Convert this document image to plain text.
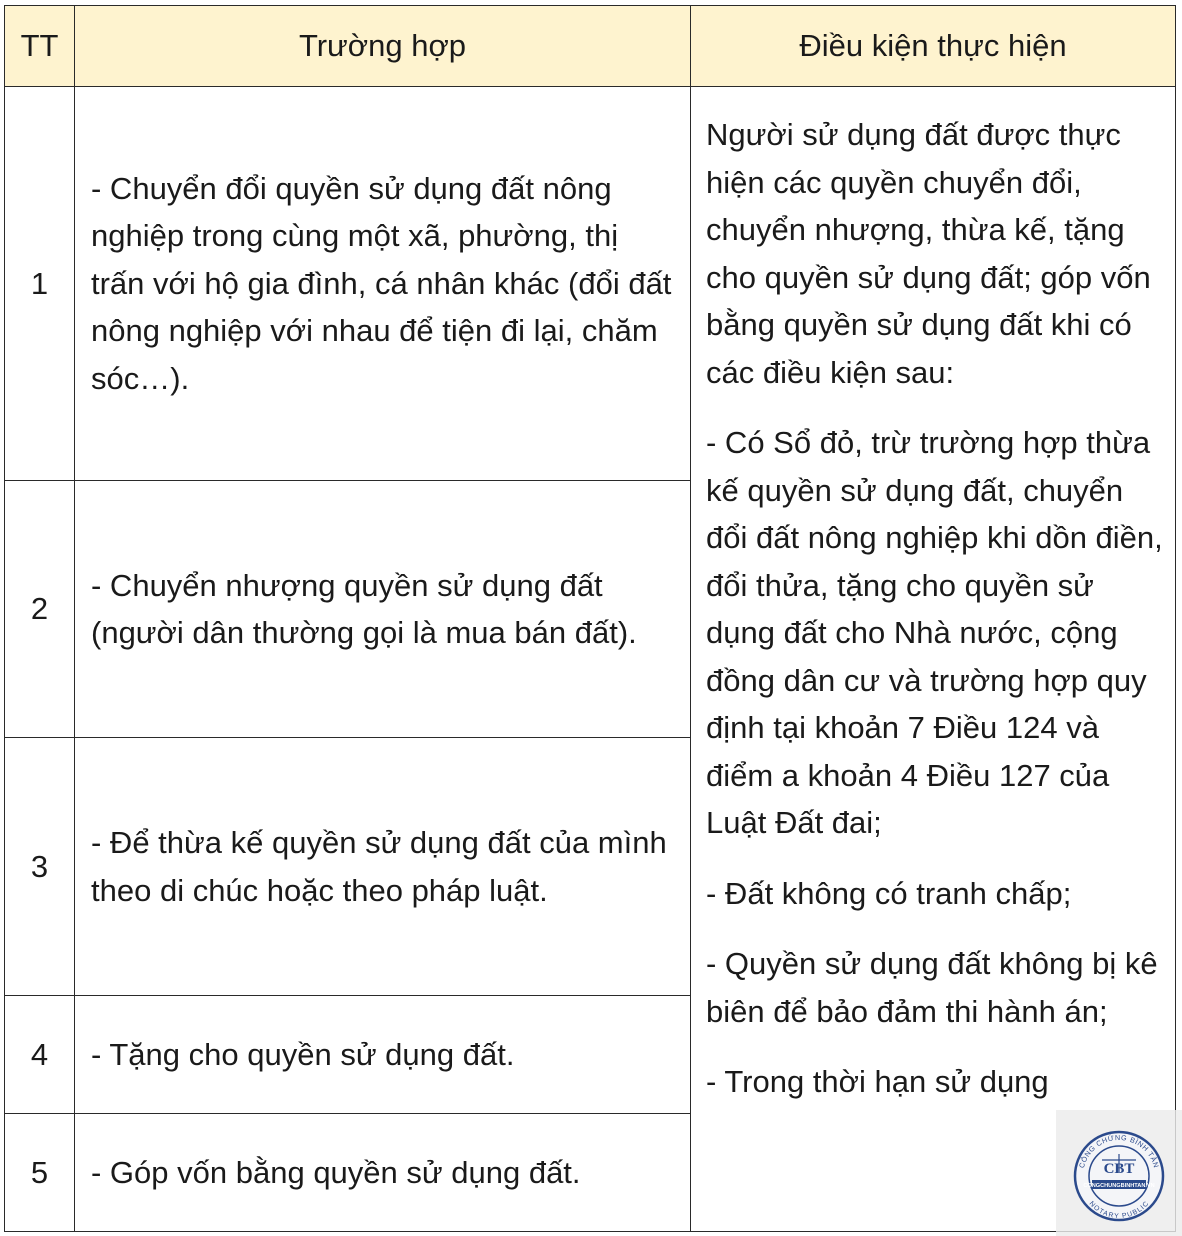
TT	Trường hợp	Điều kiện thực hiện
1	- Chuyển đổi quyền sử dụng đất nông nghiệp trong cùng một xã, phường, thị trấn với hộ gia đình, cá nhân khác (đổi đất nông nghiệp với nhau để tiện đi lại, chăm sóc…).	Người sử dụng đất được thực hiện các quyền chuyển đổi, chuyển nhượng, thừa kế, tặng cho quyền sử dụng đất; góp vốn bằng quyền sử dụng đất khi có các điều kiện sau:

- Có Sổ đỏ, trừ trường hợp thừa kế quyền sử dụng đất, chuyển đổi đất nông nghiệp khi dồn điền, đổi thửa, tặng cho quyền sử dụng đất cho Nhà nước, cộng đồng dân cư và trường hợp quy định tại khoản 7 Điều 124 và điểm a khoản 4 Điều 127 của Luật Đất đai;

- Đất không có tranh chấp;

- Quyền sử dụng đất không bị kê biên để bảo đảm thi hành án;

- Trong thời hạn sử dụng

2	- Chuyển nhượng quyền sử dụng đất (người dân thường gọi là mua bán đất).	
3	- Để thừa kế quyền sử dụng đất của mình theo di chúc hoặc theo pháp luật.	
4	- Tặng cho quyền sử dụng đất.	
5	- Góp vốn bằng quyền sử dụng đất.		CÔNG CHỨNG BÌNH TÂN
NOTARY PUBLIC
CBT
CONGCHUNGBINHTAN.VN
